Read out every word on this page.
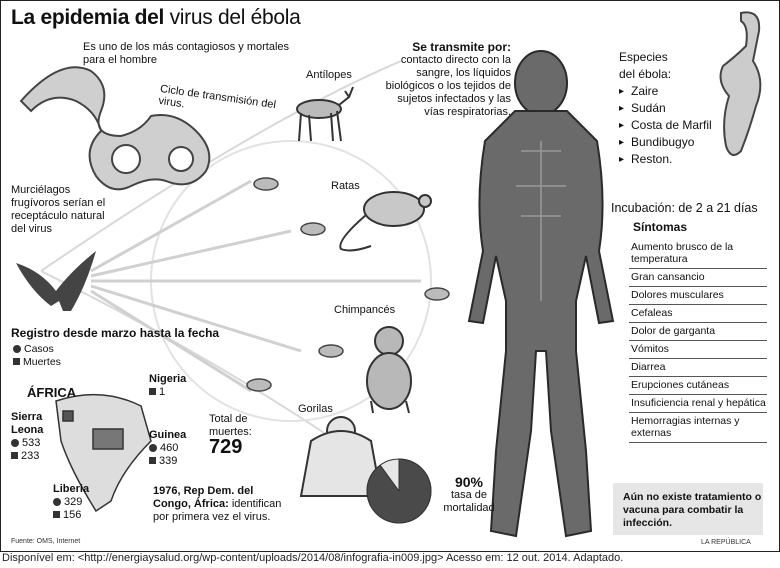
La epidemia del virus del ébola
Es uno de los más contagiosos y mortales para el hombre
Ciclo de transmisión del virus.
Antílopes
Ratas
Chimpancés
Gorilas
Murciélagos frugívoros serían el receptáculo natural del virus
Se transmite por:
contacto directo con la sangre, los líquidos biológicos o los tejidos de sujetos infectados y las vías respiratorias.
Especies
del ébola:
▸ Zaire
▸ Sudán
▸ Costa de Marfil
▸ Bundibugyo
▸ Reston.
Incubación: de 2 a 21 días
Síntomas
Aumento brusco de la temperatura
Gran cansancio
Dolores musculares
Cefaleas
Dolor de garganta
Vómitos
Diarrea
Erupciones cutáneas
Insuficiencia renal y hepática
Hemorragias internas y externas
Aún no existe tratamiento o vacuna para combatir la infección.
Registro desde marzo hasta la fecha
Casos
Muertes
ÁFRICA
Nigeria
1
Sierra Leona
533
233
Guinea
460
339
Liberia
329
156
Total de muertes:
729
90%
tasa de mortalidad
1976, Rep Dem. del Congo, África: identifican por primera vez el virus.
Fuente: OMS, Internet	LA REPÚBLICA
Disponível em: <http://energiaysalud.org/wp-content/uploads/2014/08/infografia-in009.jpg> Acesso em: 12 out. 2014. Adaptado.
